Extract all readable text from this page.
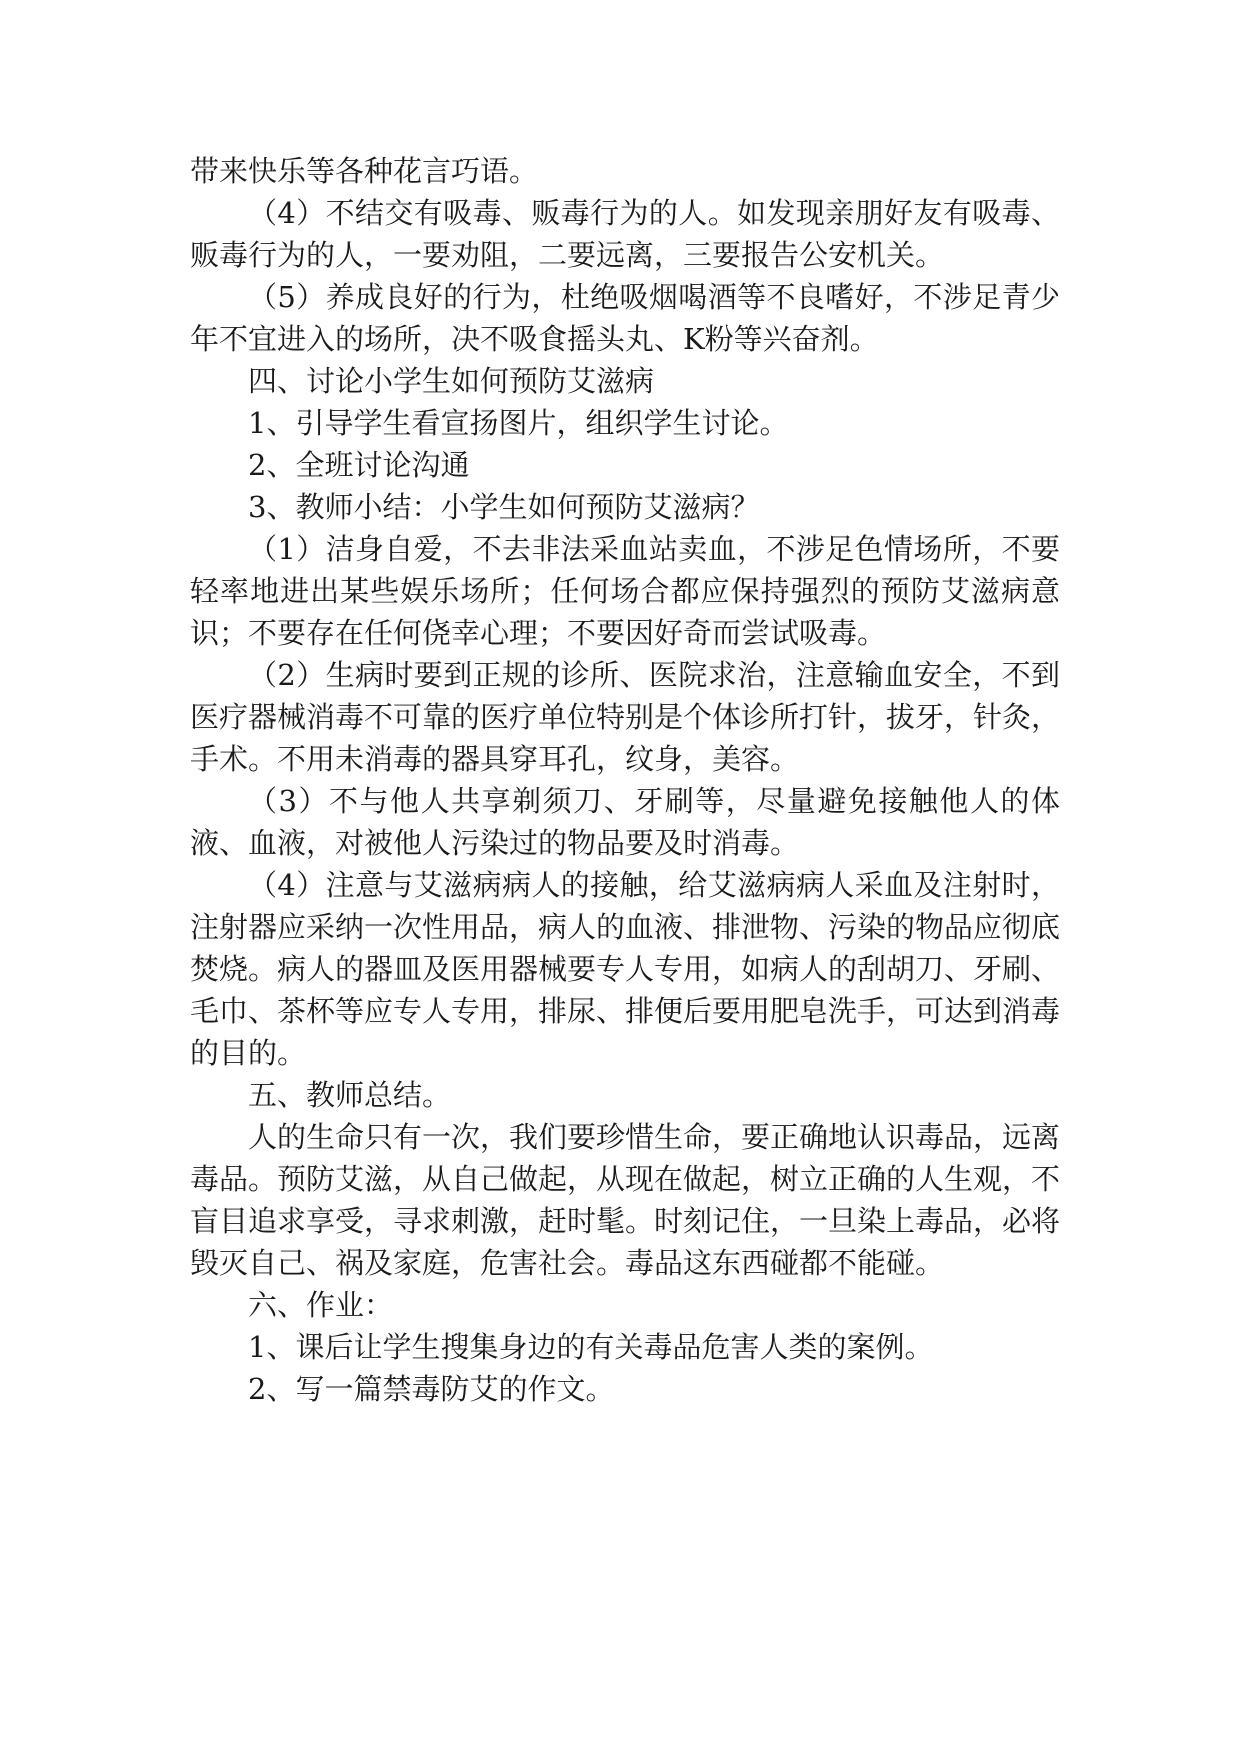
带来快乐等各种花言巧语。

（4）不结交有吸毒、贩毒行为的人。如发现亲朋好友有吸毒、贩毒行为的人，一要劝阻，二要远离，三要报告公安机关。

（5）养成良好的行为，杜绝吸烟喝酒等不良嗜好，不涉足青少年不宜进入的场所，决不吸食摇头丸、K粉等兴奋剂。

四、讨论小学生如何预防艾滋病

1、引导学生看宣扬图片，组织学生讨论。

2、全班讨论沟通

3、教师小结：小学生如何预防艾滋病？

（1）洁身自爱，不去非法采血站卖血，不涉足色情场所，不要轻率地进出某些娱乐场所；任何场合都应保持强烈的预防艾滋病意识；不要存在任何侥幸心理；不要因好奇而尝试吸毒。

（2）生病时要到正规的诊所、医院求治，注意输血安全，不到医疗器械消毒不可靠的医疗单位特别是个体诊所打针，拔牙，针灸，手术。不用未消毒的器具穿耳孔，纹身，美容。

（3）不与他人共享剃须刀、牙刷等，尽量避免接触他人的体液、血液，对被他人污染过的物品要及时消毒。

（4）注意与艾滋病病人的接触，给艾滋病病人采血及注射时，注射器应采纳一次性用品，病人的血液、排泄物、污染的物品应彻底焚烧。病人的器皿及医用器械要专人专用，如病人的刮胡刀、牙刷、毛巾、茶杯等应专人专用，排尿、排便后要用肥皂洗手，可达到消毒的目的。

五、教师总结。

人的生命只有一次，我们要珍惜生命，要正确地认识毒品，远离毒品。预防艾滋，从自己做起，从现在做起，树立正确的人生观，不盲目追求享受，寻求刺激，赶时髦。时刻记住，一旦染上毒品，必将毁灭自己、祸及家庭，危害社会。毒品这东西碰都不能碰。

六、作业：

1、课后让学生搜集身边的有关毒品危害人类的案例。

2、写一篇禁毒防艾的作文。
